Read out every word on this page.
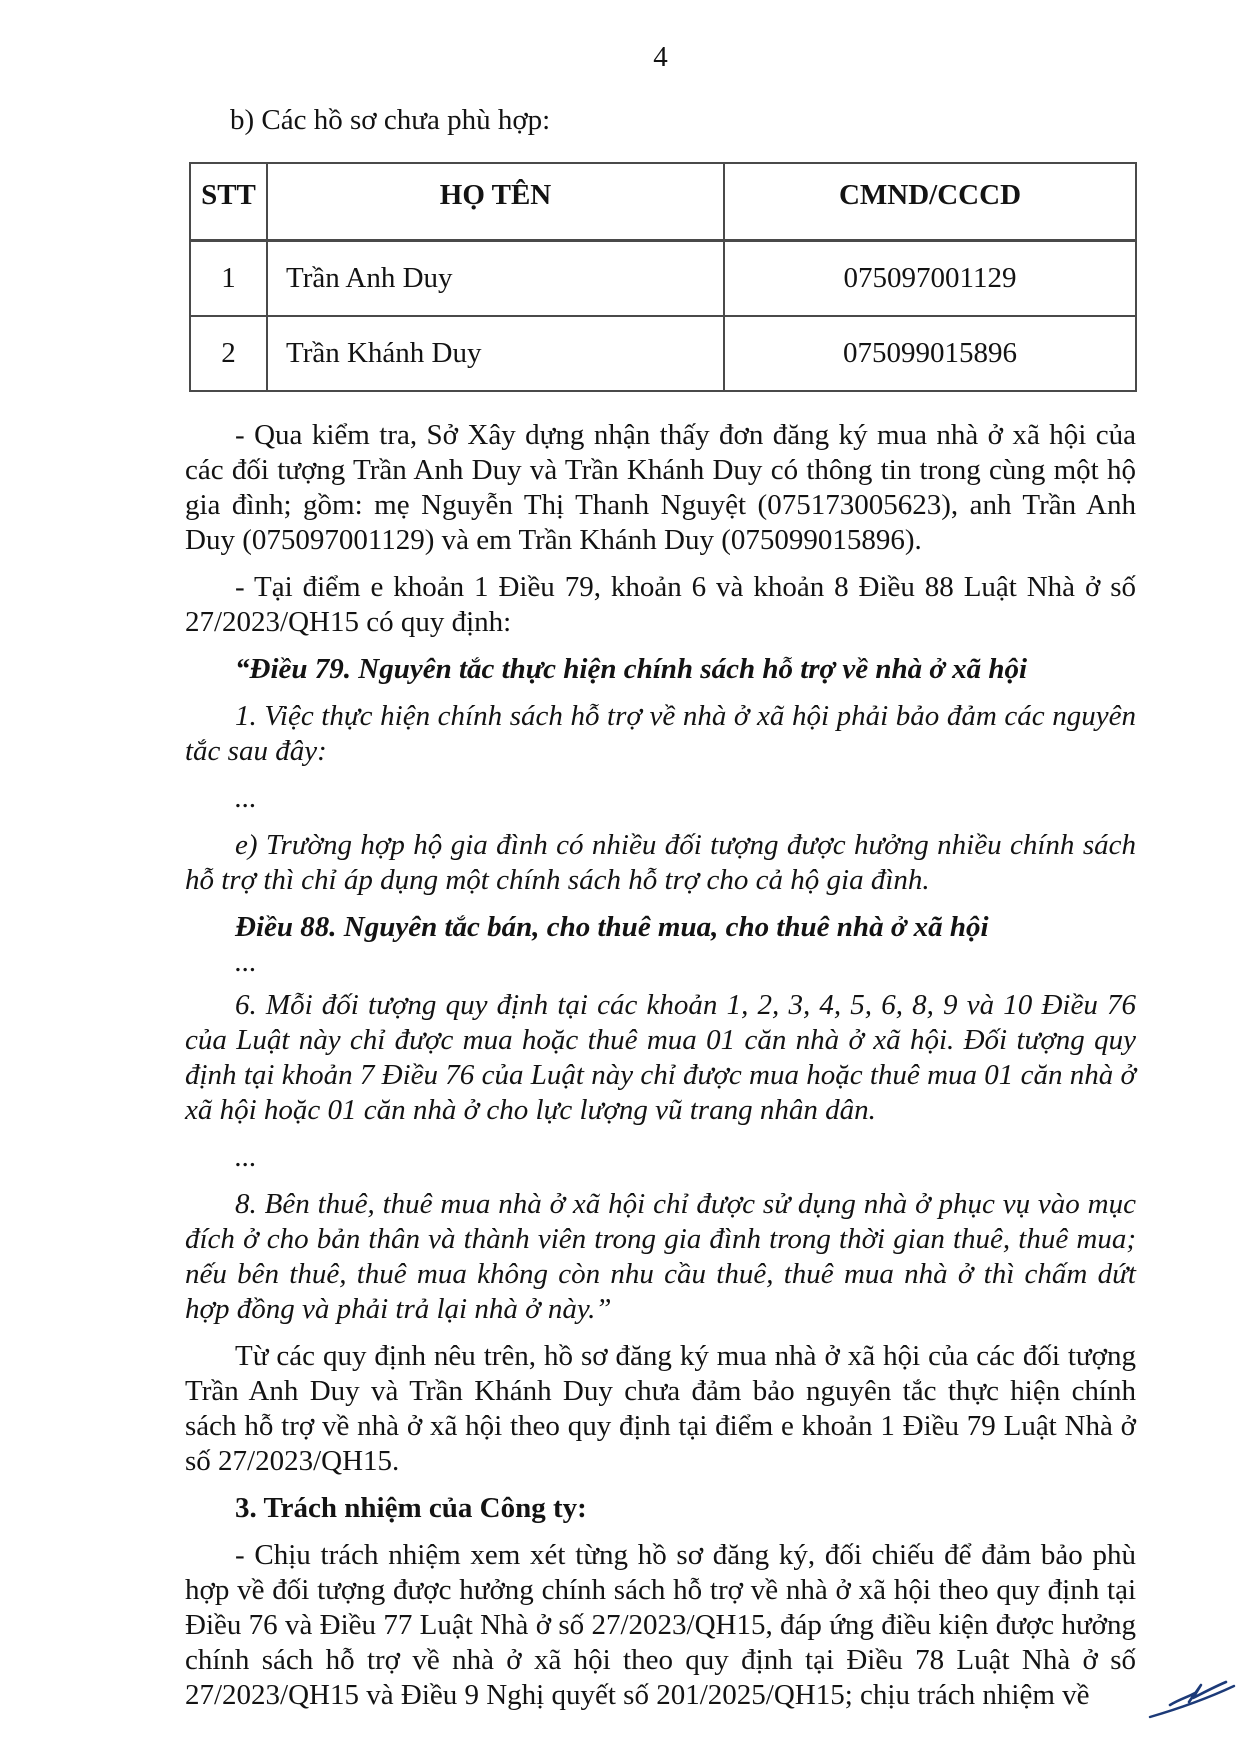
4
b) Các hồ sơ chưa phù hợp:
STT	HỌ TÊN	CMND/CCCD
1	Trần Anh Duy	075097001129
2	Trần Khánh Duy	075099015896

- Qua kiểm tra, Sở Xây dựng nhận thấy đơn đăng ký mua nhà ở xã hội của các đối tượng Trần Anh Duy và Trần Khánh Duy có thông tin trong cùng một hộ gia đình; gồm: mẹ Nguyễn Thị Thanh Nguyệt (075173005623), anh Trần Anh Duy (075097001129) và em Trần Khánh Duy (075099015896).

- Tại điểm e khoản 1 Điều 79, khoản 6 và khoản 8 Điều 88 Luật Nhà ở số 27/2023/QH15 có quy định:

“Điều 79. Nguyên tắc thực hiện chính sách hỗ trợ về nhà ở xã hội

1. Việc thực hiện chính sách hỗ trợ về nhà ở xã hội phải bảo đảm các nguyên tắc sau đây:

...

e) Trường hợp hộ gia đình có nhiều đối tượng được hưởng nhiều chính sách hỗ trợ thì chỉ áp dụng một chính sách hỗ trợ cho cả hộ gia đình.

Điều 88. Nguyên tắc bán, cho thuê mua, cho thuê nhà ở xã hội

...

6. Mỗi đối tượng quy định tại các khoản 1, 2, 3, 4, 5, 6, 8, 9 và 10 Điều 76 của Luật này chỉ được mua hoặc thuê mua 01 căn nhà ở xã hội. Đối tượng quy định tại khoản 7 Điều 76 của Luật này chỉ được mua hoặc thuê mua 01 căn nhà ở xã hội hoặc 01 căn nhà ở cho lực lượng vũ trang nhân dân.

...

8. Bên thuê, thuê mua nhà ở xã hội chỉ được sử dụng nhà ở phục vụ vào mục đích ở cho bản thân và thành viên trong gia đình trong thời gian thuê, thuê mua; nếu bên thuê, thuê mua không còn nhu cầu thuê, thuê mua nhà ở thì chấm dứt hợp đồng và phải trả lại nhà ở này.”

Từ các quy định nêu trên, hồ sơ đăng ký mua nhà ở xã hội của các đối tượng Trần Anh Duy và Trần Khánh Duy chưa đảm bảo nguyên tắc thực hiện chính sách hỗ trợ về nhà ở xã hội theo quy định tại điểm e khoản 1 Điều 79 Luật Nhà ở số 27/2023/QH15.

3. Trách nhiệm của Công ty:

- Chịu trách nhiệm xem xét từng hồ sơ đăng ký, đối chiếu để đảm bảo phù hợp về đối tượng được hưởng chính sách hỗ trợ về nhà ở xã hội theo quy định tại Điều 76 và Điều 77 Luật Nhà ở số 27/2023/QH15, đáp ứng điều kiện được hưởng chính sách hỗ trợ về nhà ở xã hội theo quy định tại Điều 78 Luật Nhà ở số 27/2023/QH15 và Điều 9 Nghị quyết số 201/2025/QH15; chịu trách nhiệm về
